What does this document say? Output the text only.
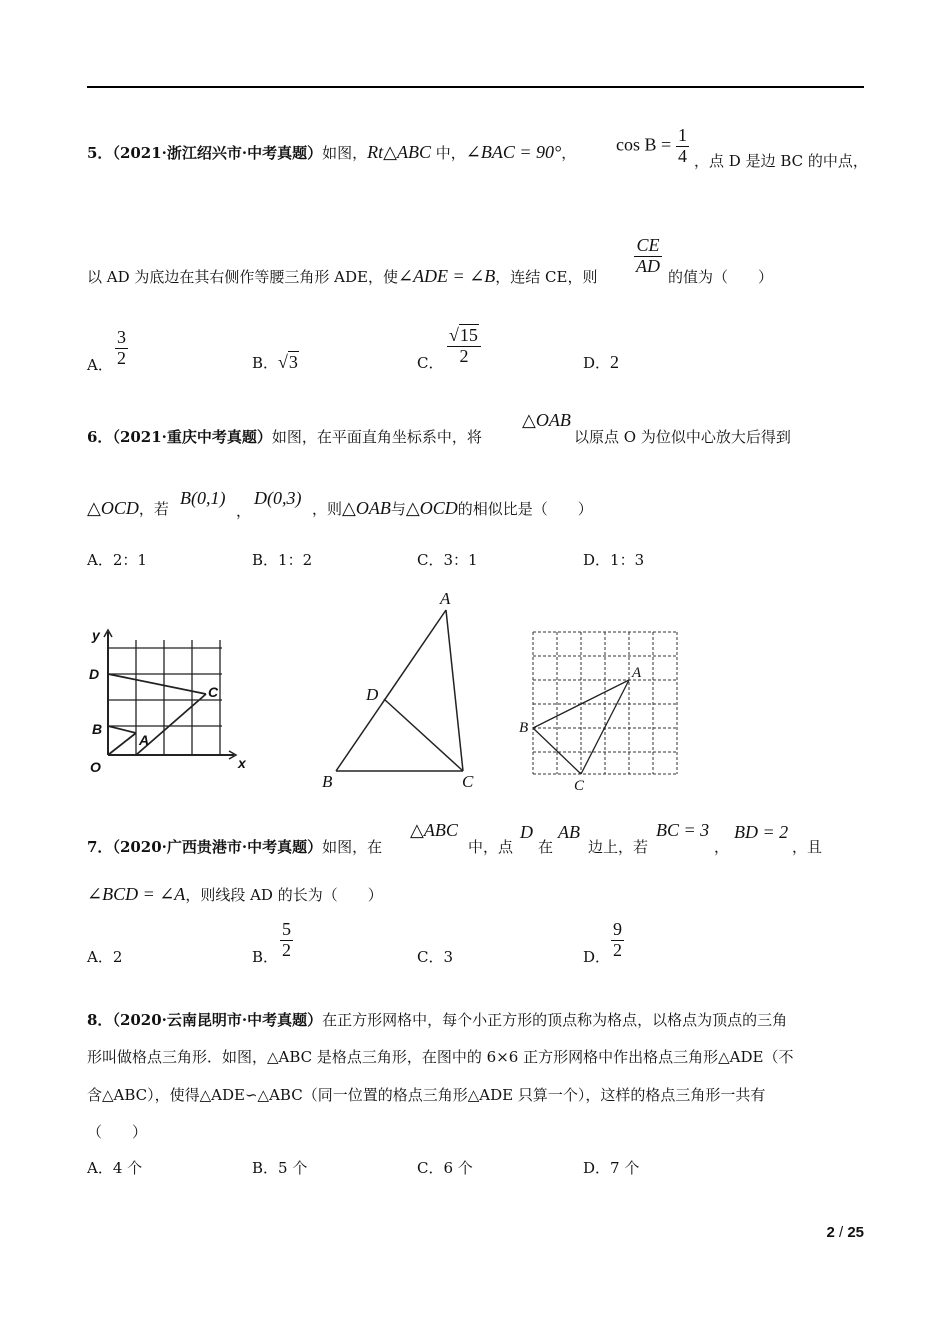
5．（2021·浙江绍兴市·中考真题）如图，Rt△ABC 中，∠BAC = 90°， $\cos B = \frac{1}{4}$ ，点 D 是边 BC 的中点，
以 AD 为底边在其右侧作等腰三角形 ADE，使∠ADE = ∠B，连结 CE，则
$\frac{CE}{AD}$
的值为（　　）
A． $\frac{3}{2}$	B．√3	C． $\frac{√15}{2}$	D．2
6．（2021·重庆中考真题）如图，在平面直角坐标系中，将
△OAB
以原点 O 为位似中心放大后得到
△OCD，若
B(0,1)
，
D(0,3)
，则△OAB与△OCD的相似比是（　　）
A．2：1	B．1：2	C．3：1	D．1：3
y
x
O
D
B
C
A
A
B	C
D
A
B
C
7．（2020·广西贵港市·中考真题）如图，在
△ABC
中，点
D
在
AB
边上，若
BC = 3
，
BD = 2
，且
∠BCD = ∠A，则线段 AD 的长为（　　）
A．2	B． $\frac{5}{2}$	C．3	D． $\frac{9}{2}$
8．（2020·云南昆明市·中考真题）在正方形网格中，每个小正方形的顶点称为格点，以格点为顶点的三角
形叫做格点三角形．如图，△ABC 是格点三角形，在图中的 6×6 正方形网格中作出格点三角形△ADE（不
含△ABC），使得△ADE∽△ABC（同一位置的格点三角形△ADE 只算一个），这样的格点三角形一共有
（　　）
A．4 个	B．5 个	C．6 个	D．7 个
2 / 25
